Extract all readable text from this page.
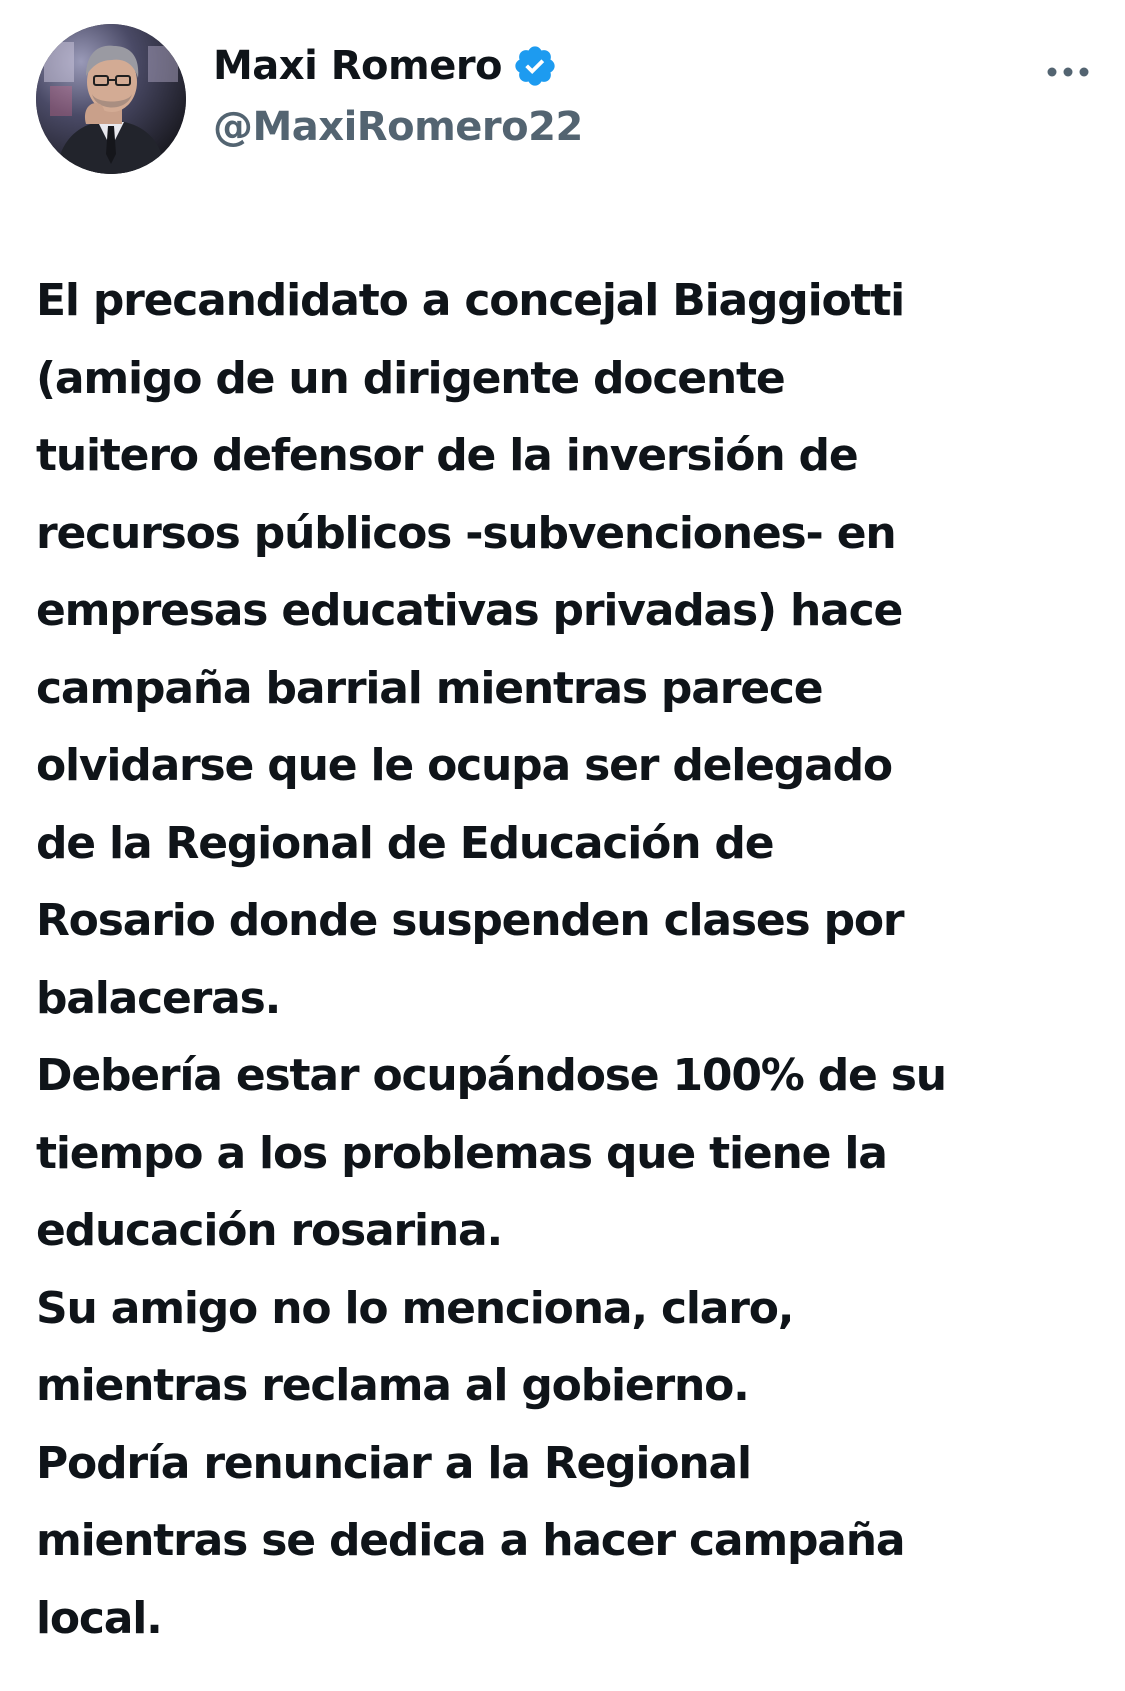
Maxi Romero
@MaxiRomero22

El precandidato a concejal Biaggiotti
(amigo de un dirigente docente
tuitero defensor de la inversión de
recursos públicos -subvenciones- en
empresas educativas privadas) hace
campaña barrial mientras parece
olvidarse que le ocupa ser delegado
de la Regional de Educación de
Rosario donde suspenden clases por
balaceras.
Debería estar ocupándose 100% de su
tiempo a los problemas que tiene la
educación rosarina.
Su amigo no lo menciona, claro,
mientras reclama al gobierno.
Podría renunciar a la Regional
mientras se dedica a hacer campaña
local.
